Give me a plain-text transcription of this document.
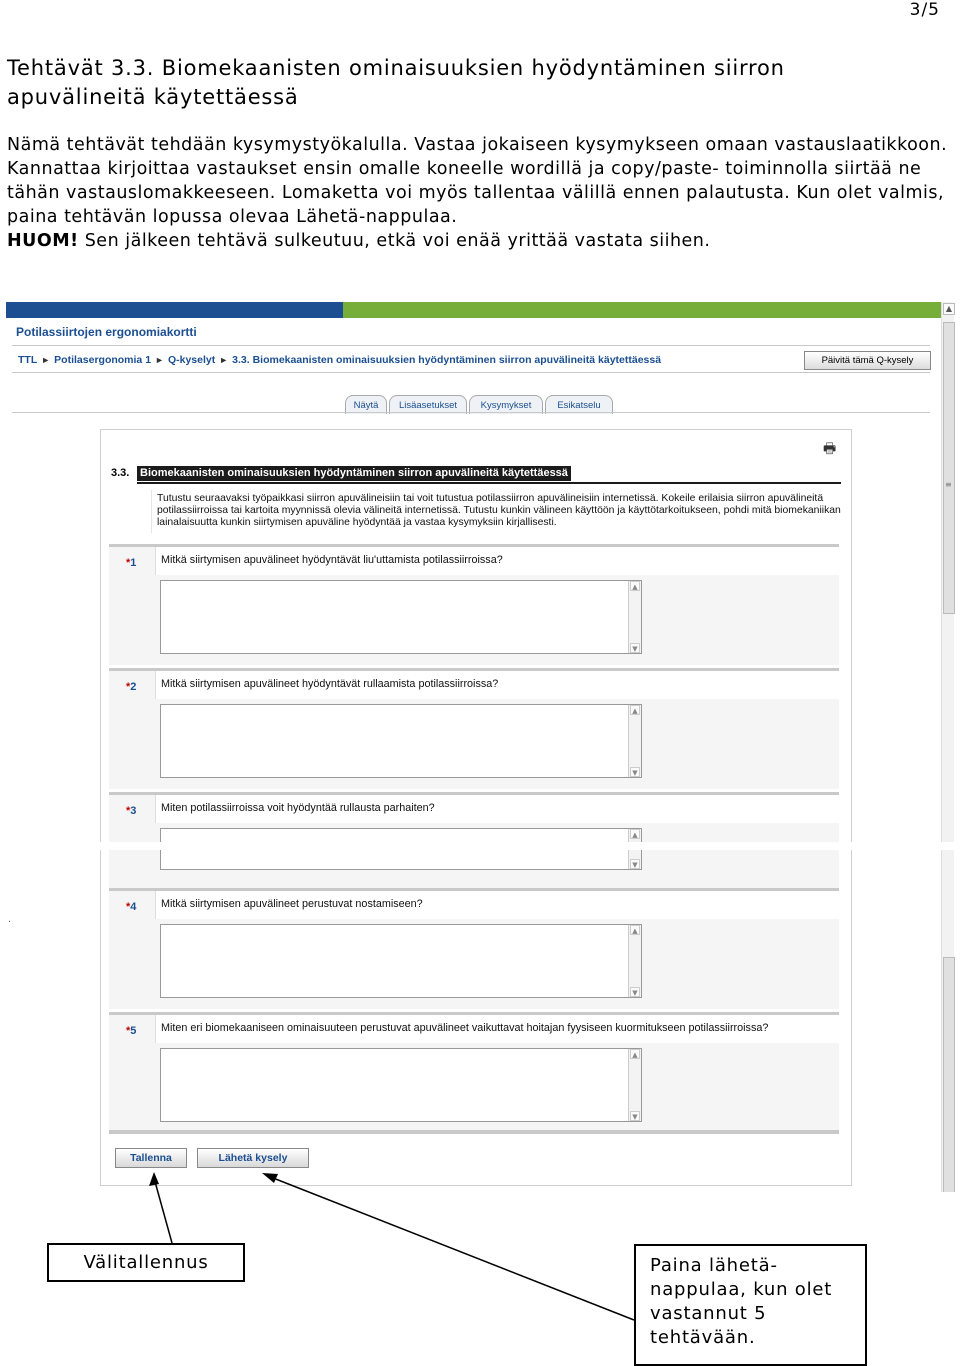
3/5
Tehtävät 3.3. Biomekaanisten ominaisuuksien hyödyntäminen siirron apuvälineitä käytettäessä
Nämä tehtävät tehdään kysymystyökalulla. Vastaa jokaiseen kysymykseen omaan vastauslaatikkoon. Kannattaa kirjoittaa vastaukset ensin omalle koneelle wordillä ja copy/paste- toiminnolla siirtää ne tähän vastauslomakkeeseen. Lomaketta voi myös tallentaa välillä ennen palautusta. Kun olet valmis, paina tehtävän lopussa olevaa Lähetä-nappulaa.
HUOM! Sen jälkeen tehtävä sulkeutuu, etkä voi enää yrittää vastata siihen.
Potilassiirtojen ergonomiakortti
TTL ► Potilasergonomia 1 ► Q-kyselyt ► 3.3. Biomekaanisten ominaisuuksien hyödyntäminen siirron apuvälineitä käytettäessä	Päivitä tämä Q-kysely
Näytä	Lisäasetukset	Kysymykset	Esikatselu
▲
≡
🖶
3.3. Biomekaanisten ominaisuuksien hyödyntäminen siirron apuvälineitä käytettäessä
Tutustu seuraavaksi työpaikkasi siirron apuvälineisiin tai voit tutustua potilassiirron apuvälineisiin internetissä. Kokeile erilaisia siirron apuvälineitä potilassiirroissa tai kartoita myynnissä olevia välineitä internetissä. Tutustu kunkin välineen käyttöön ja käyttötarkoitukseen, pohdi mitä biomekaniikan lainalaisuutta kunkin siirtymisen apuväline hyödyntää ja vastaa kysymyksiin kirjallisesti.
*1 Mitkä siirtymisen apuvälineet hyödyntävät liu'uttamista potilassiirroissa?
▲
▼
*2 Mitkä siirtymisen apuvälineet hyödyntävät rullaamista potilassiirroissa?
▲
▼
*3 Miten potilassiirroissa voit hyödyntää rullausta parhaiten?
▲
▼
*4 Mitkä siirtymisen apuvälineet perustuvat nostamiseen?
▲
▼
*5 Miten eri biomekaaniseen ominaisuuteen perustuvat apuvälineet vaikuttavat hoitajan fyysiseen kuormitukseen potilassiirroissa?
▲
▼
Tallenna	Lähetä kysely
.
Välitallennus	Paina lähetä-nappulaa, kun olet vastannut 5 tehtävään.
